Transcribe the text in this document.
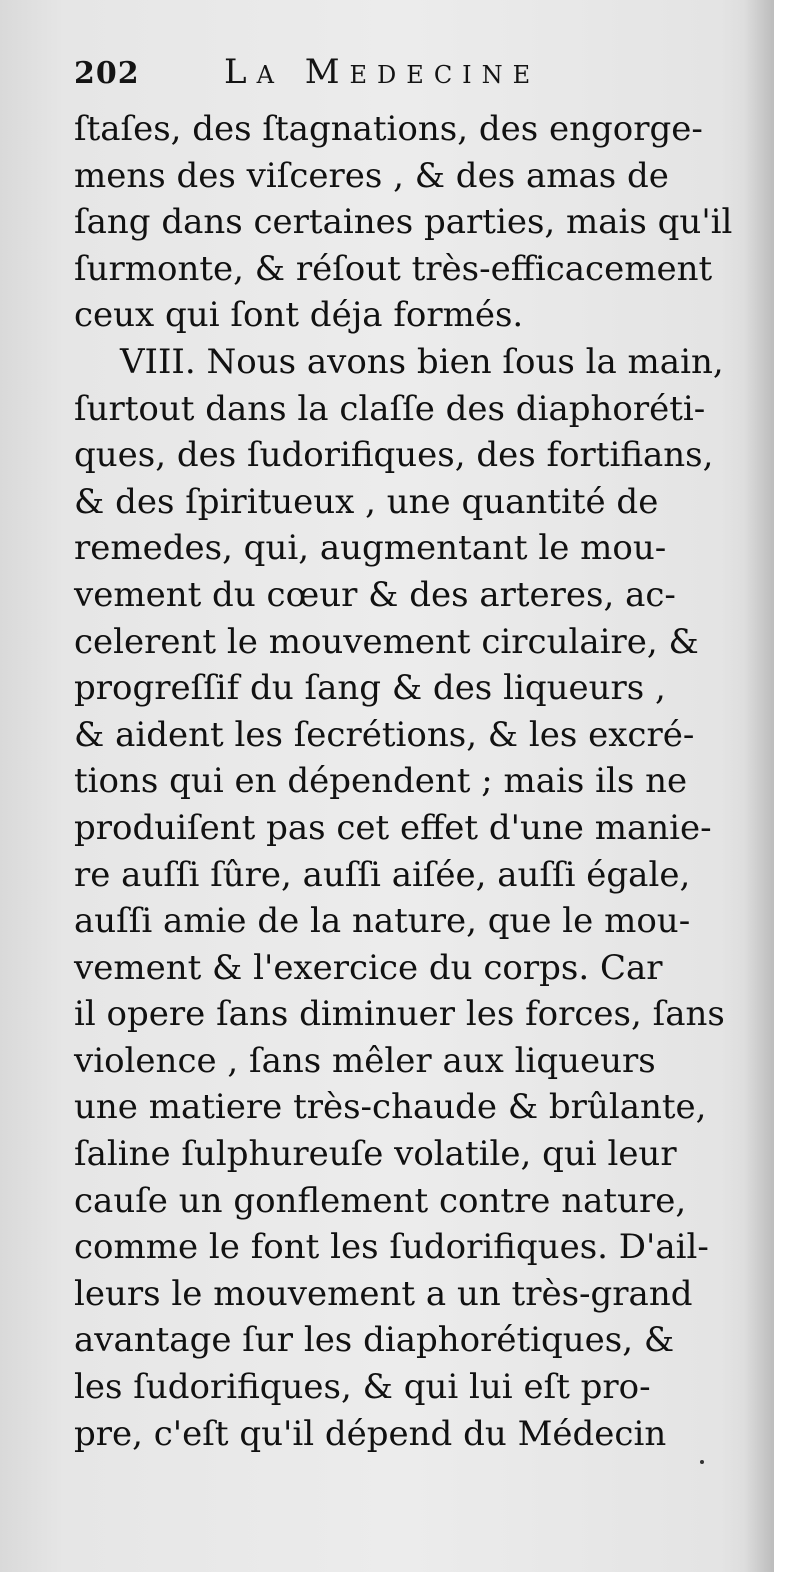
202 La Medecine
ſtaſes, des ſtagnations, des engorge-
mens des viſceres , & des amas de
ſang dans certaines parties, mais qu'il
ſurmonte, & réſout très-efficacement
ceux qui ſont déja formés.
VIII. Nous avons bien ſous la main,
ſurtout dans la claſſe des diaphoréti-
ques, des ſudorifiques, des fortifians,
& des ſpiritueux , une quantité de
remedes, qui, augmentant le mou-
vement du cœur & des arteres, ac-
celerent le mouvement circulaire, &
progreſſif du ſang & des liqueurs ,
& aident les ſecrétions, & les excré-
tions qui en dépendent ; mais ils ne
produiſent pas cet effet d'une manie-
re auſſi ſûre, auſſi aiſée, auſſi égale,
auſſi amie de la nature, que le mou-
vement & l'exercice du corps. Car
il opere ſans diminuer les forces, ſans
violence , ſans mêler aux liqueurs
une matiere très-chaude & brûlante,
ſaline ſulphureuſe volatile, qui leur
cauſe un gonflement contre nature,
comme le font les ſudorifiques. D'ail-
leurs le mouvement a un très-grand
avantage ſur les diaphorétiques, &
les ſudorifiques, & qui lui eſt pro-
pre, c'eſt qu'il dépend du Médecin
